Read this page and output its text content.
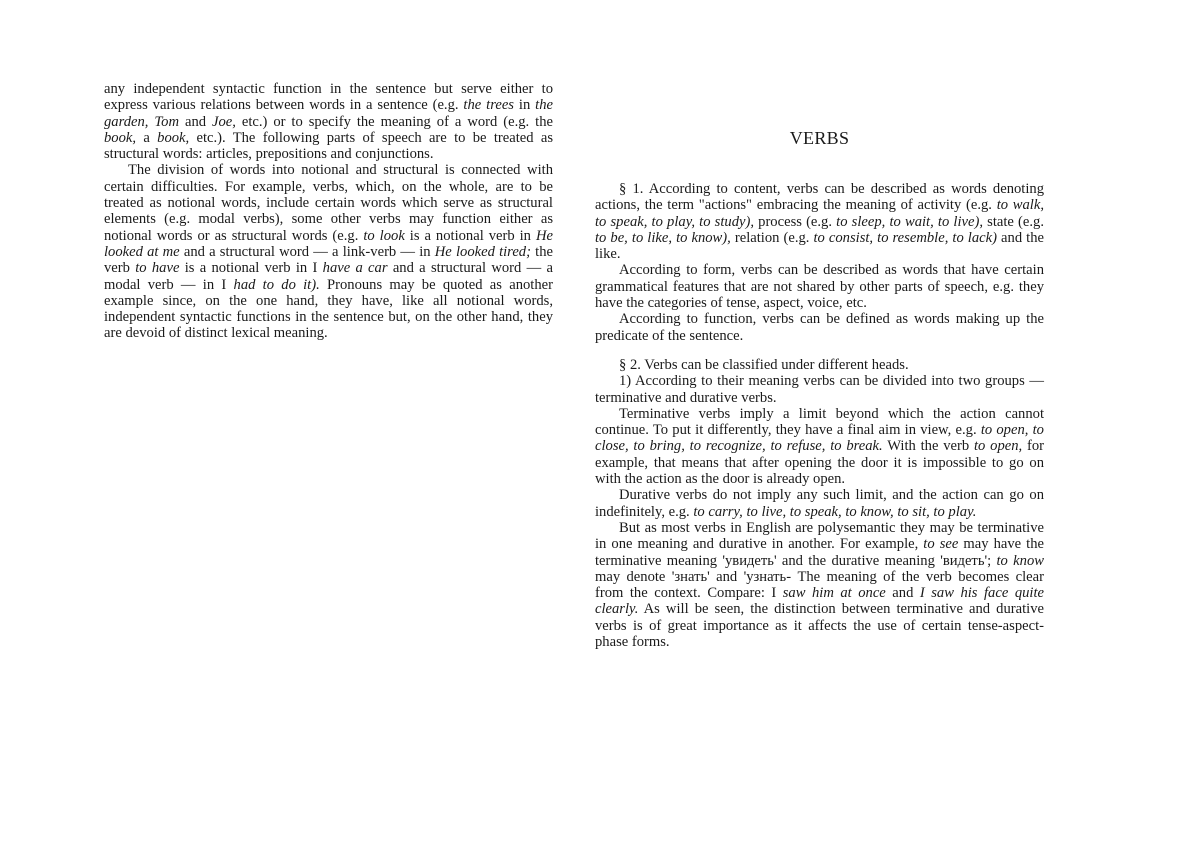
any independent syntactic function in the sentence but serve either to express various relations between words in a sentence (e.g. the trees in the garden, Tom and Joe, etc.) or to specify the meaning of a word (e.g. the book, a book, etc.). The following parts of speech are to be treated as structural words: articles, prepositions and conjunctions.

The division of words into notional and structural is connected with certain difficulties. For example, verbs, which, on the whole, are to be treated as notional words, include certain words which serve as structural elements (e.g. modal verbs), some other verbs may function either as notional words or as structural words (e.g. to look is a notional verb in He looked at me and a structural word — a link-verb — in He looked tired; the verb to have is a notional verb in I have a car and a structural word — a modal verb — in I had to do it). Pronouns may be quoted as another example since, on the one hand, they have, like all notional words, independent syntactic functions in the sentence but, on the other hand, they are devoid of distinct lexical meaning.

VERBS

§ 1. According to content, verbs can be described as words denoting actions, the term "actions" embracing the meaning of activity (e.g. to walk, to speak, to play, to study), process (e.g. to sleep, to wait, to live), state (e.g. to be, to like, to know), relation (e.g. to consist, to resemble, to lack) and the like.

According to form, verbs can be described as words that have certain grammatical features that are not shared by other parts of speech, e.g. they have the categories of tense, aspect, voice, etc.

According to function, verbs can be defined as words making up the predicate of the sentence.

§ 2. Verbs can be classified under different heads.

1) According to their meaning verbs can be divided into two groups — terminative and durative verbs.

Terminative verbs imply a limit beyond which the action cannot continue. To put it differently, they have a final aim in view, e.g. to open, to close, to bring, to recognize, to refuse, to break. With the verb to open, for example, that means that after opening the door it is impossible to go on with the action as the door is already open.

Durative verbs do not imply any such limit, and the action can go on indefinitely, e.g. to carry, to live, to speak, to know, to sit, to play.

But as most verbs in English are polysemantic they may be terminative in one meaning and durative in another. For example, to see may have the terminative meaning 'увидеть' and the durative meaning 'видеть'; to know may denote 'знать' and 'узнать- The meaning of the verb becomes clear from the context. Compare: I saw him at once and I saw his face quite clearly. As will be seen, the distinction between terminative and durative verbs is of great importance as it affects the use of certain tense-aspect-phase forms.
